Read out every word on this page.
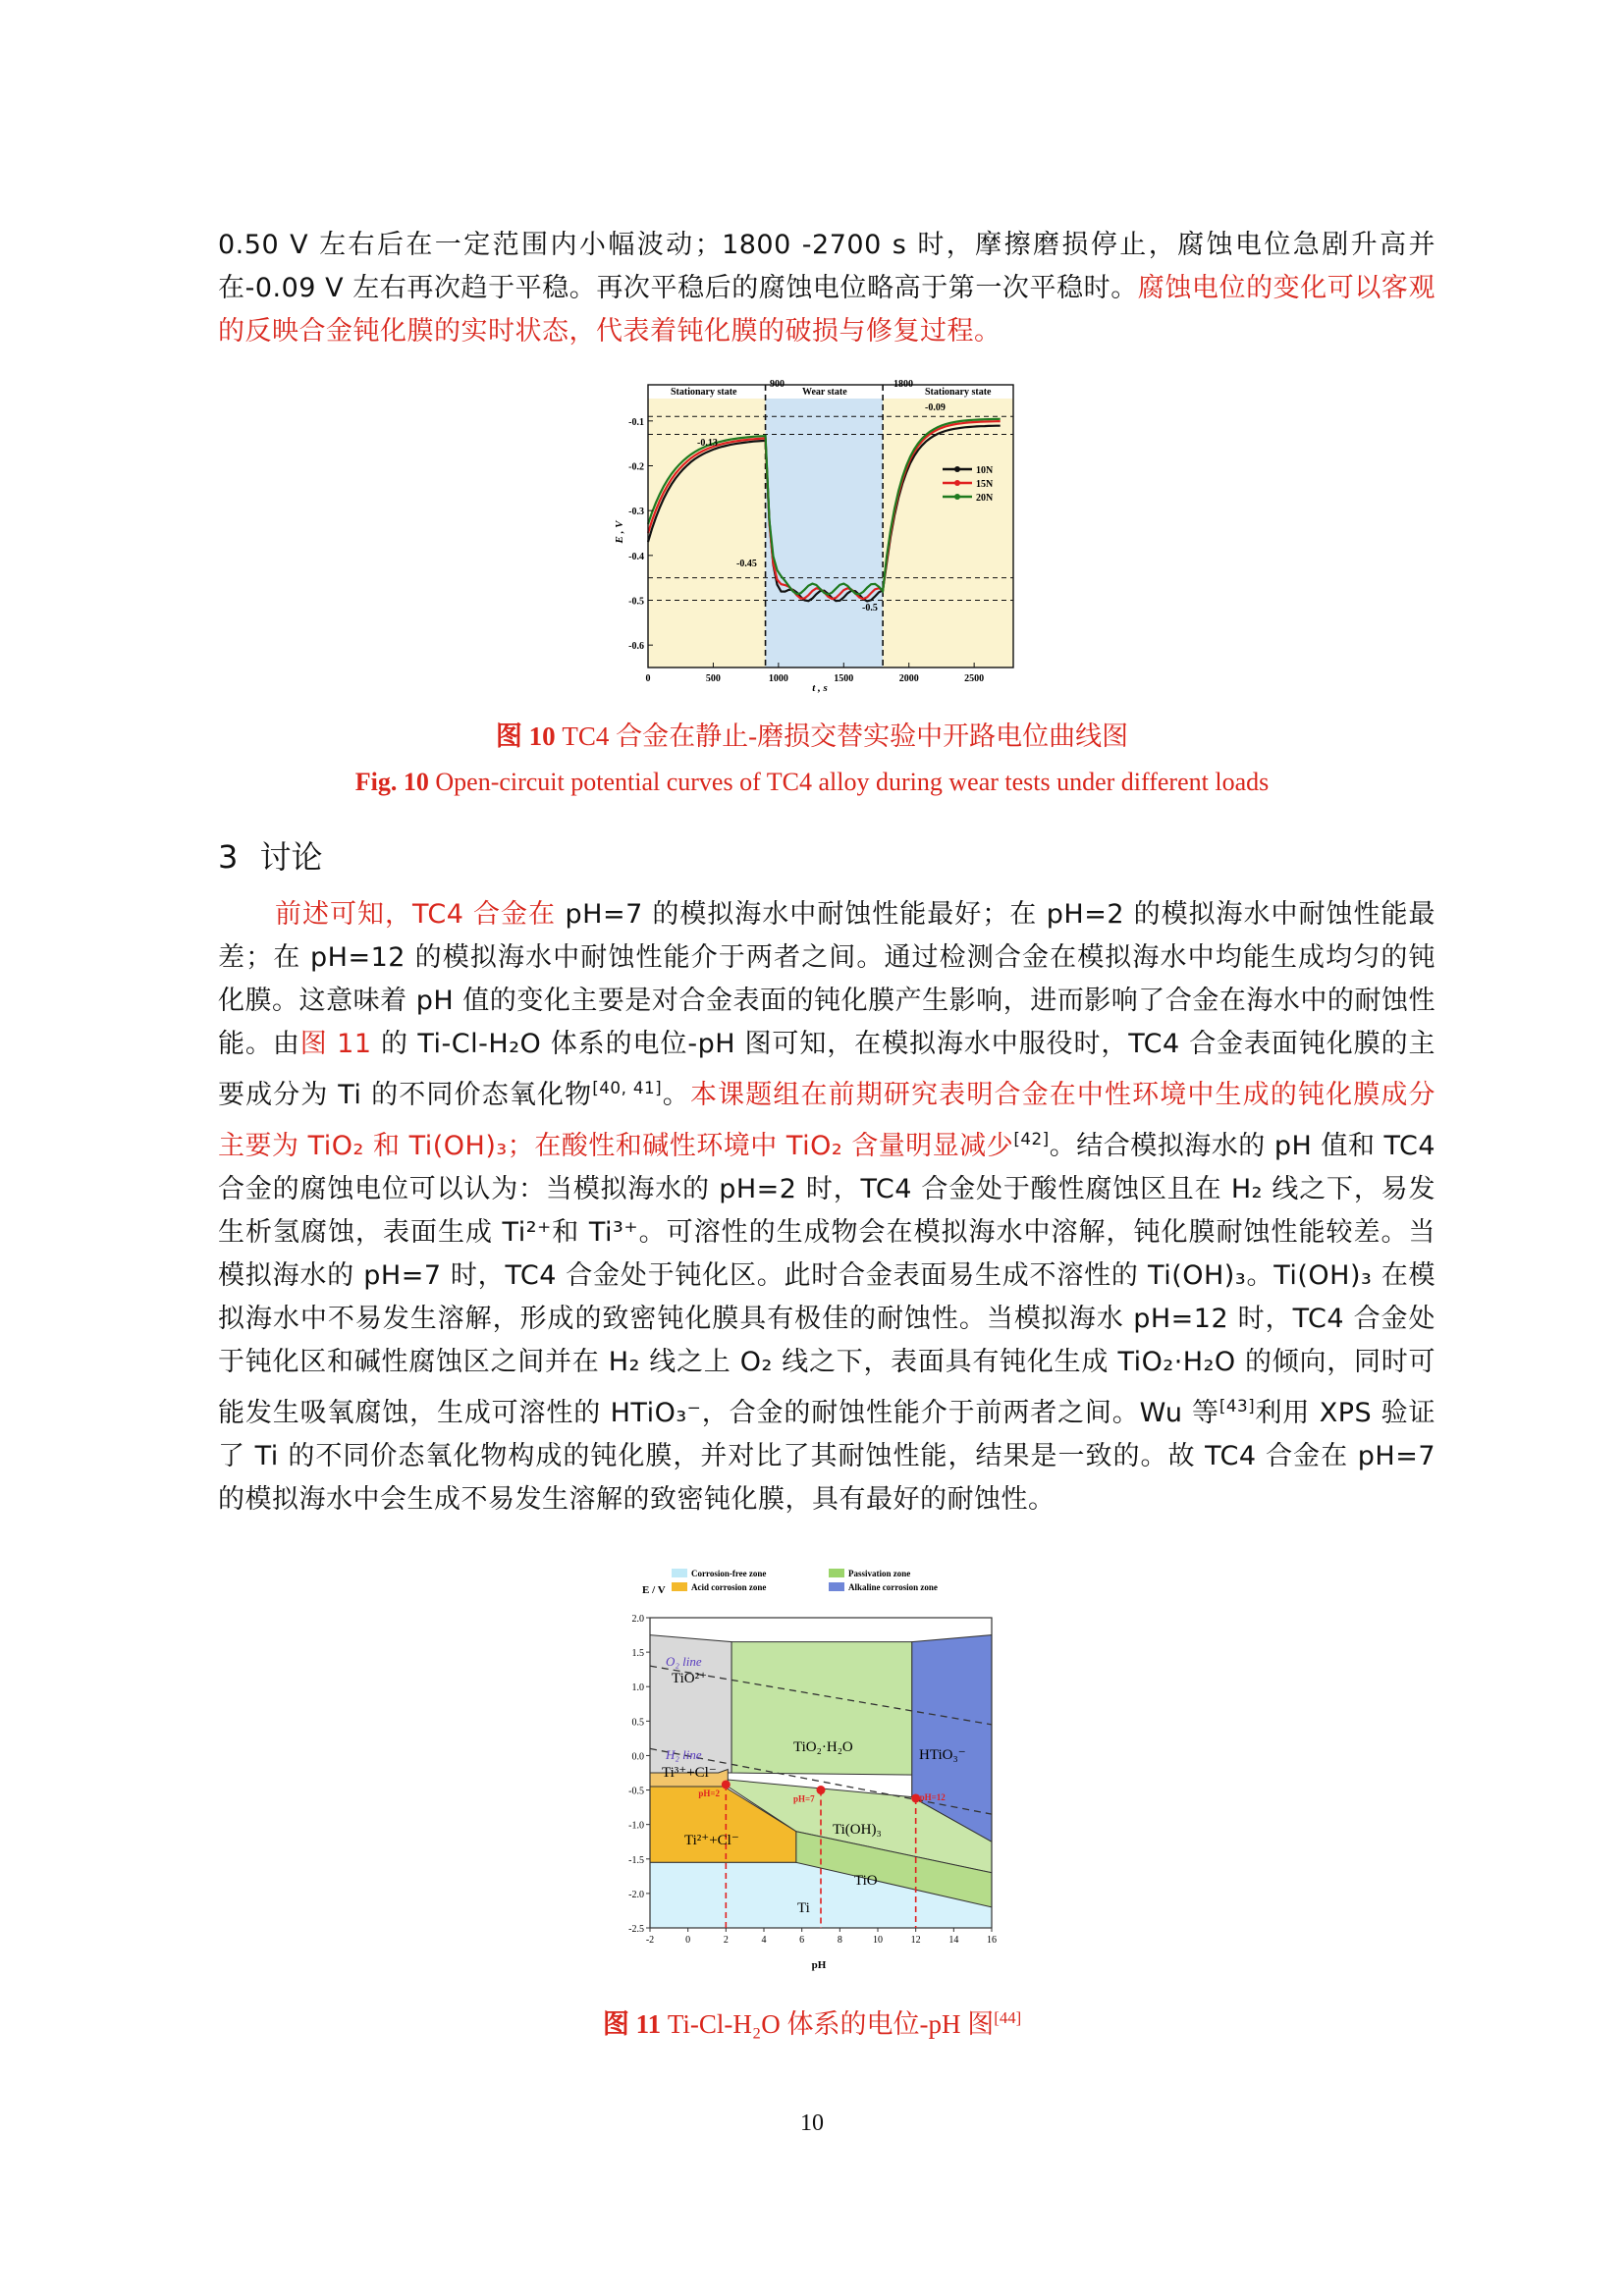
0.50 V 左右后在一定范围内小幅波动；1800 -2700 s 时，摩擦磨损停止，腐蚀电位急剧升高并在-0.09 V 左右再次趋于平稳。再次平稳后的腐蚀电位略高于第一次平稳时。腐蚀电位的变化可以客观的反映合金钝化膜的实时状态，代表着钝化膜的破损与修复过程。
0	500	1000	1500	2000	2500
-0.1
-0.2
-0.3
-0.4
-0.5
-0.6
Stationary state	Wear state	Stationary state
900	1800
-0.09
-0.13
-0.45
-0.5
t , s
E , V
10N
15N
20N
图 10 TC4 合金在静止-磨损交替实验中开路电位曲线图
Fig. 10 Open-circuit potential curves of TC4 alloy during wear tests under different loads
3 讨论
前述可知，TC4 合金在 pH=7 的模拟海水中耐蚀性能最好；在 pH=2 的模拟海水中耐蚀性能最差；在 pH=12 的模拟海水中耐蚀性能介于两者之间。通过检测合金在模拟海水中均能生成均匀的钝化膜。这意味着 pH 值的变化主要是对合金表面的钝化膜产生影响，进而影响了合金在海水中的耐蚀性能。由图 11 的 Ti-Cl-H₂O 体系的电位-pH 图可知，在模拟海水中服役时，TC4 合金表面钝化膜的主要成分为 Ti 的不同价态氧化物[40, 41]。本课题组在前期研究表明合金在中性环境中生成的钝化膜成分主要为 TiO₂ 和 Ti(OH)₃；在酸性和碱性环境中 TiO₂ 含量明显减少[42]。结合模拟海水的 pH 值和 TC4 合金的腐蚀电位可以认为：当模拟海水的 pH=2 时，TC4 合金处于酸性腐蚀区且在 H₂ 线之下，易发生析氢腐蚀，表面生成 Ti²⁺和 Ti³⁺。可溶性的生成物会在模拟海水中溶解，钝化膜耐蚀性能较差。当模拟海水的 pH=7 时，TC4 合金处于钝化区。此时合金表面易生成不溶性的 Ti(OH)₃。Ti(OH)₃ 在模拟海水中不易发生溶解，形成的致密钝化膜具有极佳的耐蚀性。当模拟海水 pH=12 时，TC4 合金处于钝化区和碱性腐蚀区之间并在 H₂ 线之上 O₂ 线之下，表面具有钝化生成 TiO₂·H₂O 的倾向，同时可能发生吸氧腐蚀，生成可溶性的 HTiO₃⁻，合金的耐蚀性能介于前两者之间。Wu 等[43]利用 XPS 验证了 Ti 的不同价态氧化物构成的钝化膜，并对比了其耐蚀性能，结果是一致的。故 TC4 合金在 pH=7 的模拟海水中会生成不易发生溶解的致密钝化膜，具有最好的耐蚀性。
Corrosion-free zone	Passivation zone
Acid corrosion zone	Alkaline corrosion zone
-2	0	2	4	6	8	10	12	14	16
2.0
1.5
1.0
0.5
0.0
-0.5
-1.0
-1.5
-2.0
-2.5
pH=2
pH=7	pH=12
E / V
pH
TiO²⁺
TiO₂·H₂O	HTiO₃⁻
Ti³⁺+Cl⁻
Ti²⁺+Cl⁻
Ti(OH)₃
TiO
Ti
O₂ line
H₂ line
图 11 Ti-Cl-H₂O 体系的电位-pH 图[44]
10
